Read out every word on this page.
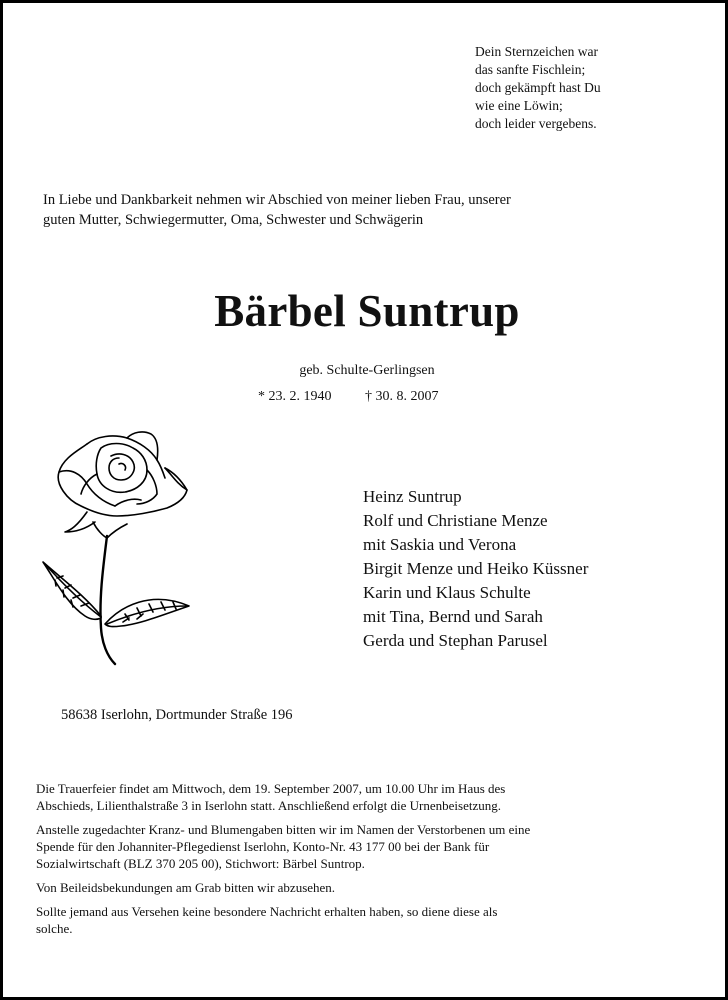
Dein Sternzeichen war
das sanfte Fischlein;
doch gekämpft hast Du
wie eine Löwin;
doch leider vergebens.
In Liebe und Dankbarkeit nehmen wir Abschied von meiner lieben Frau, unserer
guten Mutter, Schwiegermutter, Oma, Schwester und Schwägerin
Bärbel Suntrup
geb. Schulte-Gerlingsen
* 23. 2. 1940 † 30. 8. 2007
Heinz Suntrup
Rolf und Christiane Menze
mit Saskia und Verona
Birgit Menze und Heiko Küssner
Karin und Klaus Schulte
mit Tina, Bernd und Sarah
Gerda und Stephan Parusel
58638 Iserlohn, Dortmunder Straße 196

Die Trauerfeier findet am Mittwoch, dem 19. September 2007, um 10.00 Uhr im Haus des
Abschieds, Lilienthalstraße 3 in Iserlohn statt. Anschließend erfolgt die Urnenbeisetzung.

Anstelle zugedachter Kranz- und Blumengaben bitten wir im Namen der Verstorbenen um eine
Spende für den Johanniter-Pflegedienst Iserlohn, Konto-Nr. 43 177 00 bei der Bank für
Sozialwirtschaft (BLZ 370 205 00), Stichwort: Bärbel Suntrop.

Von Beileidsbekundungen am Grab bitten wir abzusehen.

Sollte jemand aus Versehen keine besondere Nachricht erhalten haben, so diene diese als
solche.
